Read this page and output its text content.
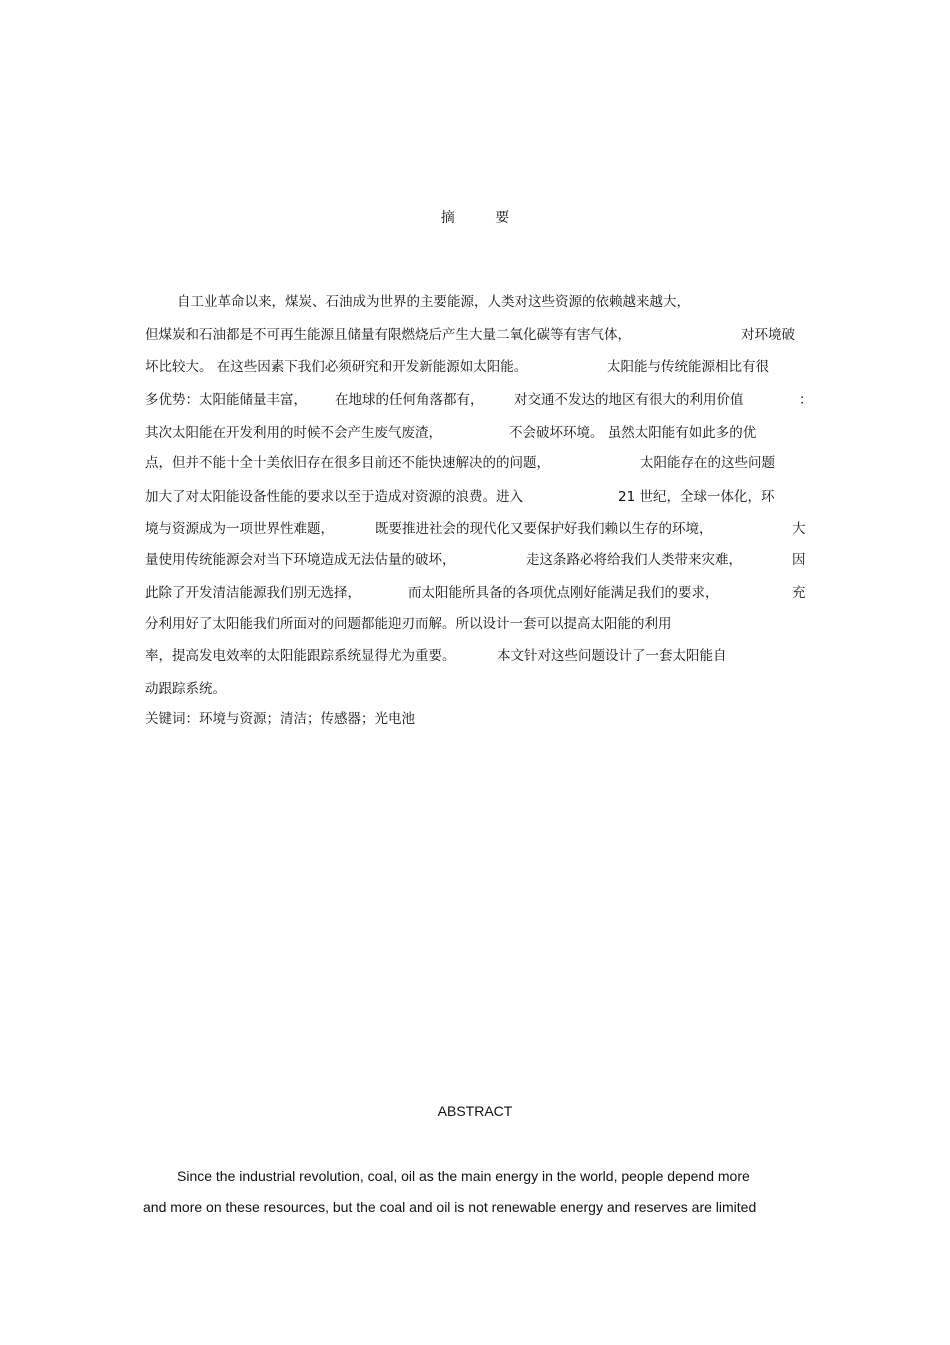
摘 要
自工业革命以来，煤炭、石油成为世界的主要能源，人类对这些资源的依赖越来越大，
但煤炭和石油都是不可再生能源且储量有限燃烧后产生大量二氧化碳等有害气体，	对环境破
坏比较大。 在这些因素下我们必须研究和开发新能源如太阳能。	太阳能与传统能源相比有很
多优势：太阳能储量丰富， 在地球的任何角落都有， 对交通不发达的地区有很大的利用价值	：
其次太阳能在开发利用的时候不会产生废气废渣，	不会破坏环境。 虽然太阳能有如此多的优
点，但并不能十全十美依旧存在很多目前还不能快速解决的的问题，	太阳能存在的这些问题
加大了对太阳能设备性能的要求以至于造成对资源的浪费。进入	21 世纪，全球一体化，环
境与资源成为一项世界性难题，	既要推进社会的现代化又要保护好我们赖以生存的环境，	大
量使用传统能源会对当下环境造成无法估量的破坏，	走这条路必将给我们人类带来灾难，	因
此除了开发清洁能源我们别无选择，	而太阳能所具备的各项优点刚好能满足我们的要求，	充
分利用好了太阳能我们所面对的问题都能迎刃而解。所以设计一套可以提高太阳能的利用
率，提高发电效率的太阳能跟踪系统显得尤为重要。	本文针对这些问题设计了一套太阳能自
动跟踪系统。
关键词：环境与资源；清洁；传感器；光电池
ABSTRACT
Since the industrial revolution, coal, oil as the main energy in the world, people depend more
and more on these resources, but the coal and oil is not renewable energy and reserves are limited
